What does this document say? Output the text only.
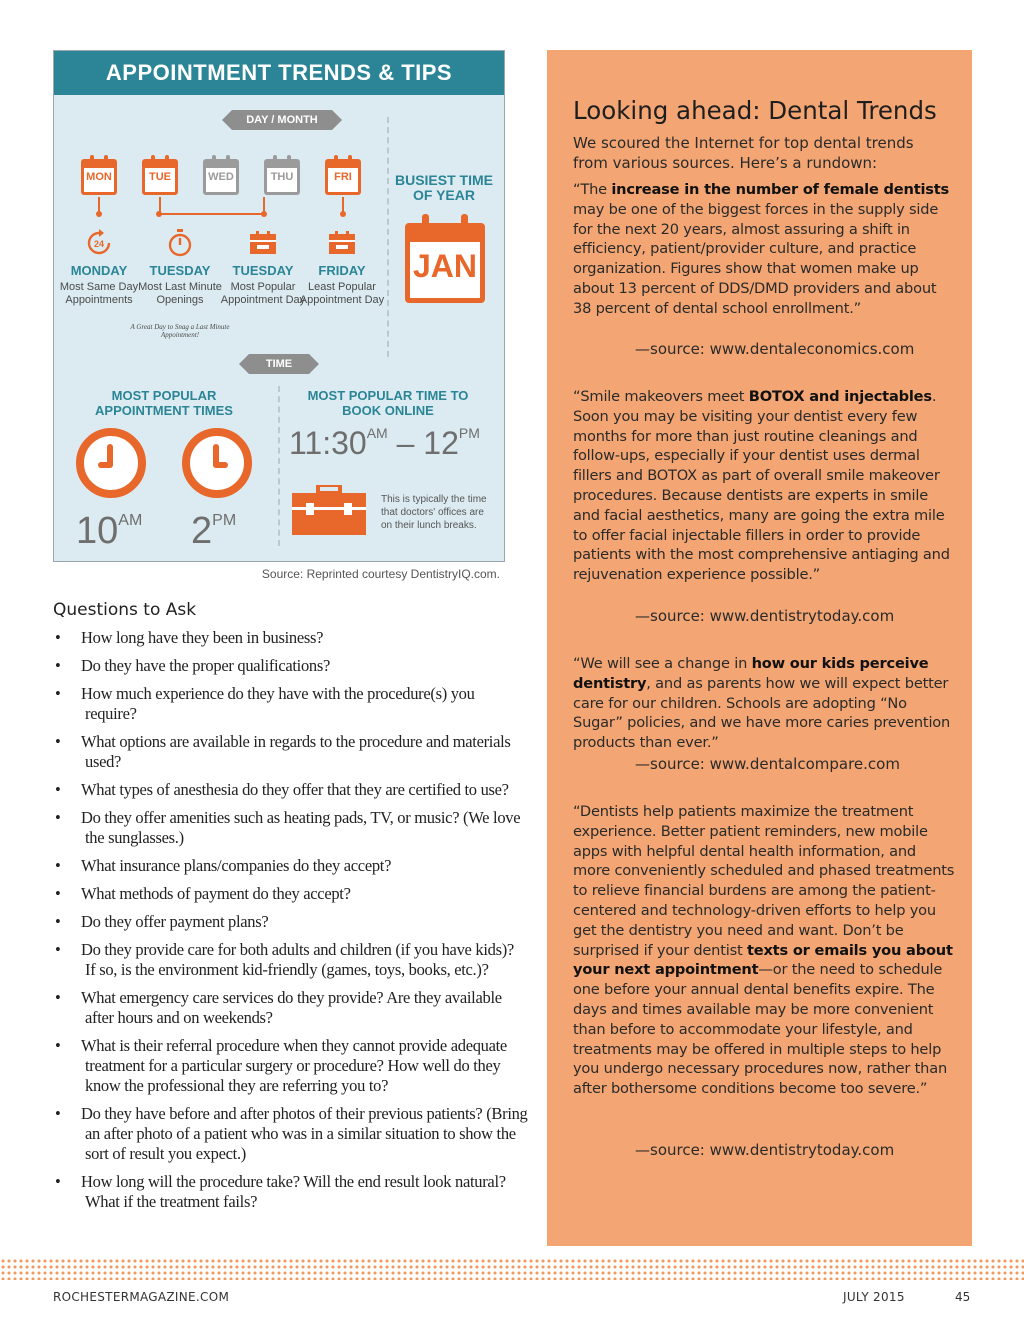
APPOINTMENT TRENDS & TIPS
DAY / MONTH
MON	TUE	WED	THU	FRI
24
MONDAY	TUESDAY	TUESDAY	FRIDAY
Most Same Day Appointments
Most Last Minute Openings
Most Popular Appointment Day
Least Popular Appointment Day
A Great Day to Snag a Last Minute Appointment!
BUSIEST TIME OF YEAR
JAN
TIME
MOST POPULAR APPOINTMENT TIMES
$10^{AM}$ $2^{PM}$
MOST POPULAR TIME TO BOOK ONLINE
$11:30^{AM} - 12^{PM}$
This is typically the time that doctors' offices are on their lunch breaks.
Source: Reprinted courtesy DentistryIQ.com.
Questions to Ask
• How long have they been in business?
• Do they have the proper qualifications?
• How much experience do they have with the procedure(s) you require?
• What options are available in regards to the procedure and materials used?
• What types of anesthesia do they offer that they are certified to use?
• Do they offer amenities such as heating pads, TV, or music? (We love the sunglasses.)
• What insurance plans/companies do they accept?
• What methods of payment do they accept?
• Do they offer payment plans?
• Do they provide care for both adults and children (if you have kids)? If so, is the environment kid-friendly (games, toys, books, etc.)?
• What emergency care services do they provide? Are they available after hours and on weekends?
• What is their referral procedure when they cannot provide adequate treatment for a particular surgery or procedure? How well do they know the professional they are referring you to?
• Do they have before and after photos of their previous patients? (Bring an after photo of a patient who was in a similar situation to show the sort of result you expect.)
• How long will the procedure take? Will the end result look natural? What if the treatment fails?
Looking ahead: Dental Trends
We scoured the Internet for top dental trends from various sources. Here’s a rundown:
“The increase in the number of female dentists may be one of the biggest forces in the supply side for the next 20 years, almost assuring a shift in efficiency, patient/provider culture, and practice organization. Figures show that women make up about 13 percent of DDS/DMD providers and about 38 percent of dental school enrollment.”
—source: www.dentaleconomics.com
“Smile makeovers meet BOTOX and injectables. Soon you may be visiting your dentist every few months for more than just routine cleanings and follow-ups, especially if your dentist uses dermal fillers and BOTOX as part of overall smile makeover procedures. Because dentists are experts in smile and facial aesthetics, many are going the extra mile to offer facial injectable fillers in order to provide patients with the most comprehensive antiaging and rejuvenation experience possible.”
—source: www.dentistrytoday.com
“We will see a change in how our kids perceive dentistry, and as parents how we will expect better care for our children. Schools are adopting “No Sugar” policies, and we have more caries prevention products than ever.”
—source: www.dentalcompare.com
“Dentists help patients maximize the treatment experience. Better patient reminders, new mobile apps with helpful dental health information, and more conveniently scheduled and phased treatments to relieve financial burdens are among the patient-centered and technology-driven efforts to help you get the dentistry you need and want. Don’t be surprised if your dentist texts or emails you about your next appointment—or the need to schedule one before your annual dental benefits expire. The days and times available may be more convenient than before to accommodate your lifestyle, and treatments may be offered in multiple steps to help you undergo necessary procedures now, rather than after bothersome conditions become too severe.”
—source: www.dentistrytoday.com
ROCHESTERMAGAZINE.COM	JULY 2015	45
